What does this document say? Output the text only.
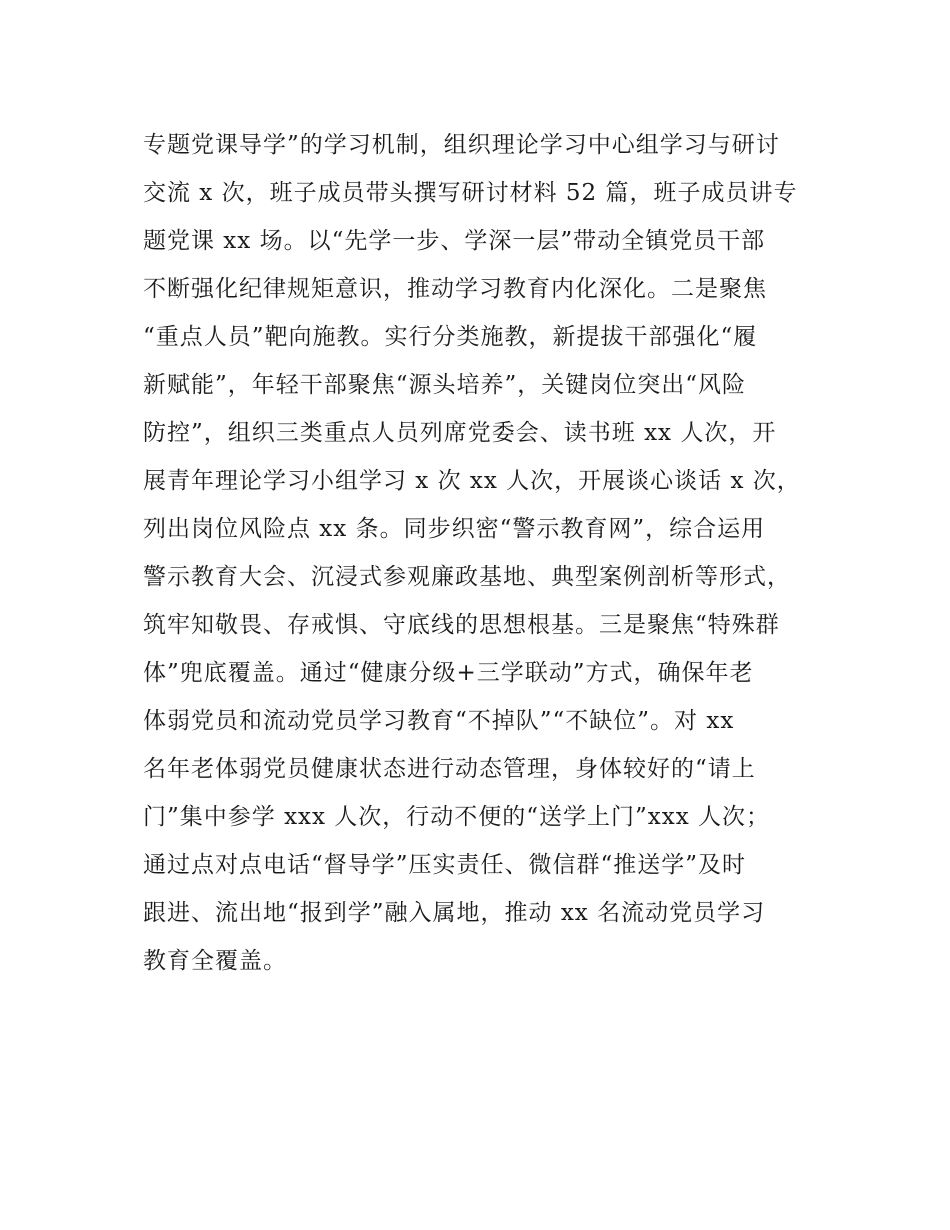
专题党课导学”的学习机制，组织理论学习中心组学习与研讨
交流 x 次，班子成员带头撰写研讨材料 52 篇，班子成员讲专
题党课 xx 场。以“先学一步、学深一层”带动全镇党员干部
不断强化纪律规矩意识，推动学习教育内化深化。二是聚焦
“重点人员”靶向施教。实行分类施教，新提拔干部强化“履
新赋能”，年轻干部聚焦“源头培养”，关键岗位突出“风险
防控”，组织三类重点人员列席党委会、读书班 xx 人次，开
展青年理论学习小组学习 x 次 xx 人次，开展谈心谈话 x 次，
列出岗位风险点 xx 条。同步织密“警示教育网”，综合运用
警示教育大会、沉浸式参观廉政基地、典型案例剖析等形式，
筑牢知敬畏、存戒惧、守底线的思想根基。三是聚焦“特殊群
体”兜底覆盖。通过“健康分级+三学联动”方式，确保年老
体弱党员和流动党员学习教育“不掉队”“不缺位”。对 xx
名年老体弱党员健康状态进行动态管理，身体较好的“请上
门”集中参学 xxx 人次，行动不便的“送学上门”xxx 人次；
通过点对点电话“督导学”压实责任、微信群“推送学”及时
跟进、流出地“报到学”融入属地，推动 xx 名流动党员学习
教育全覆盖。
